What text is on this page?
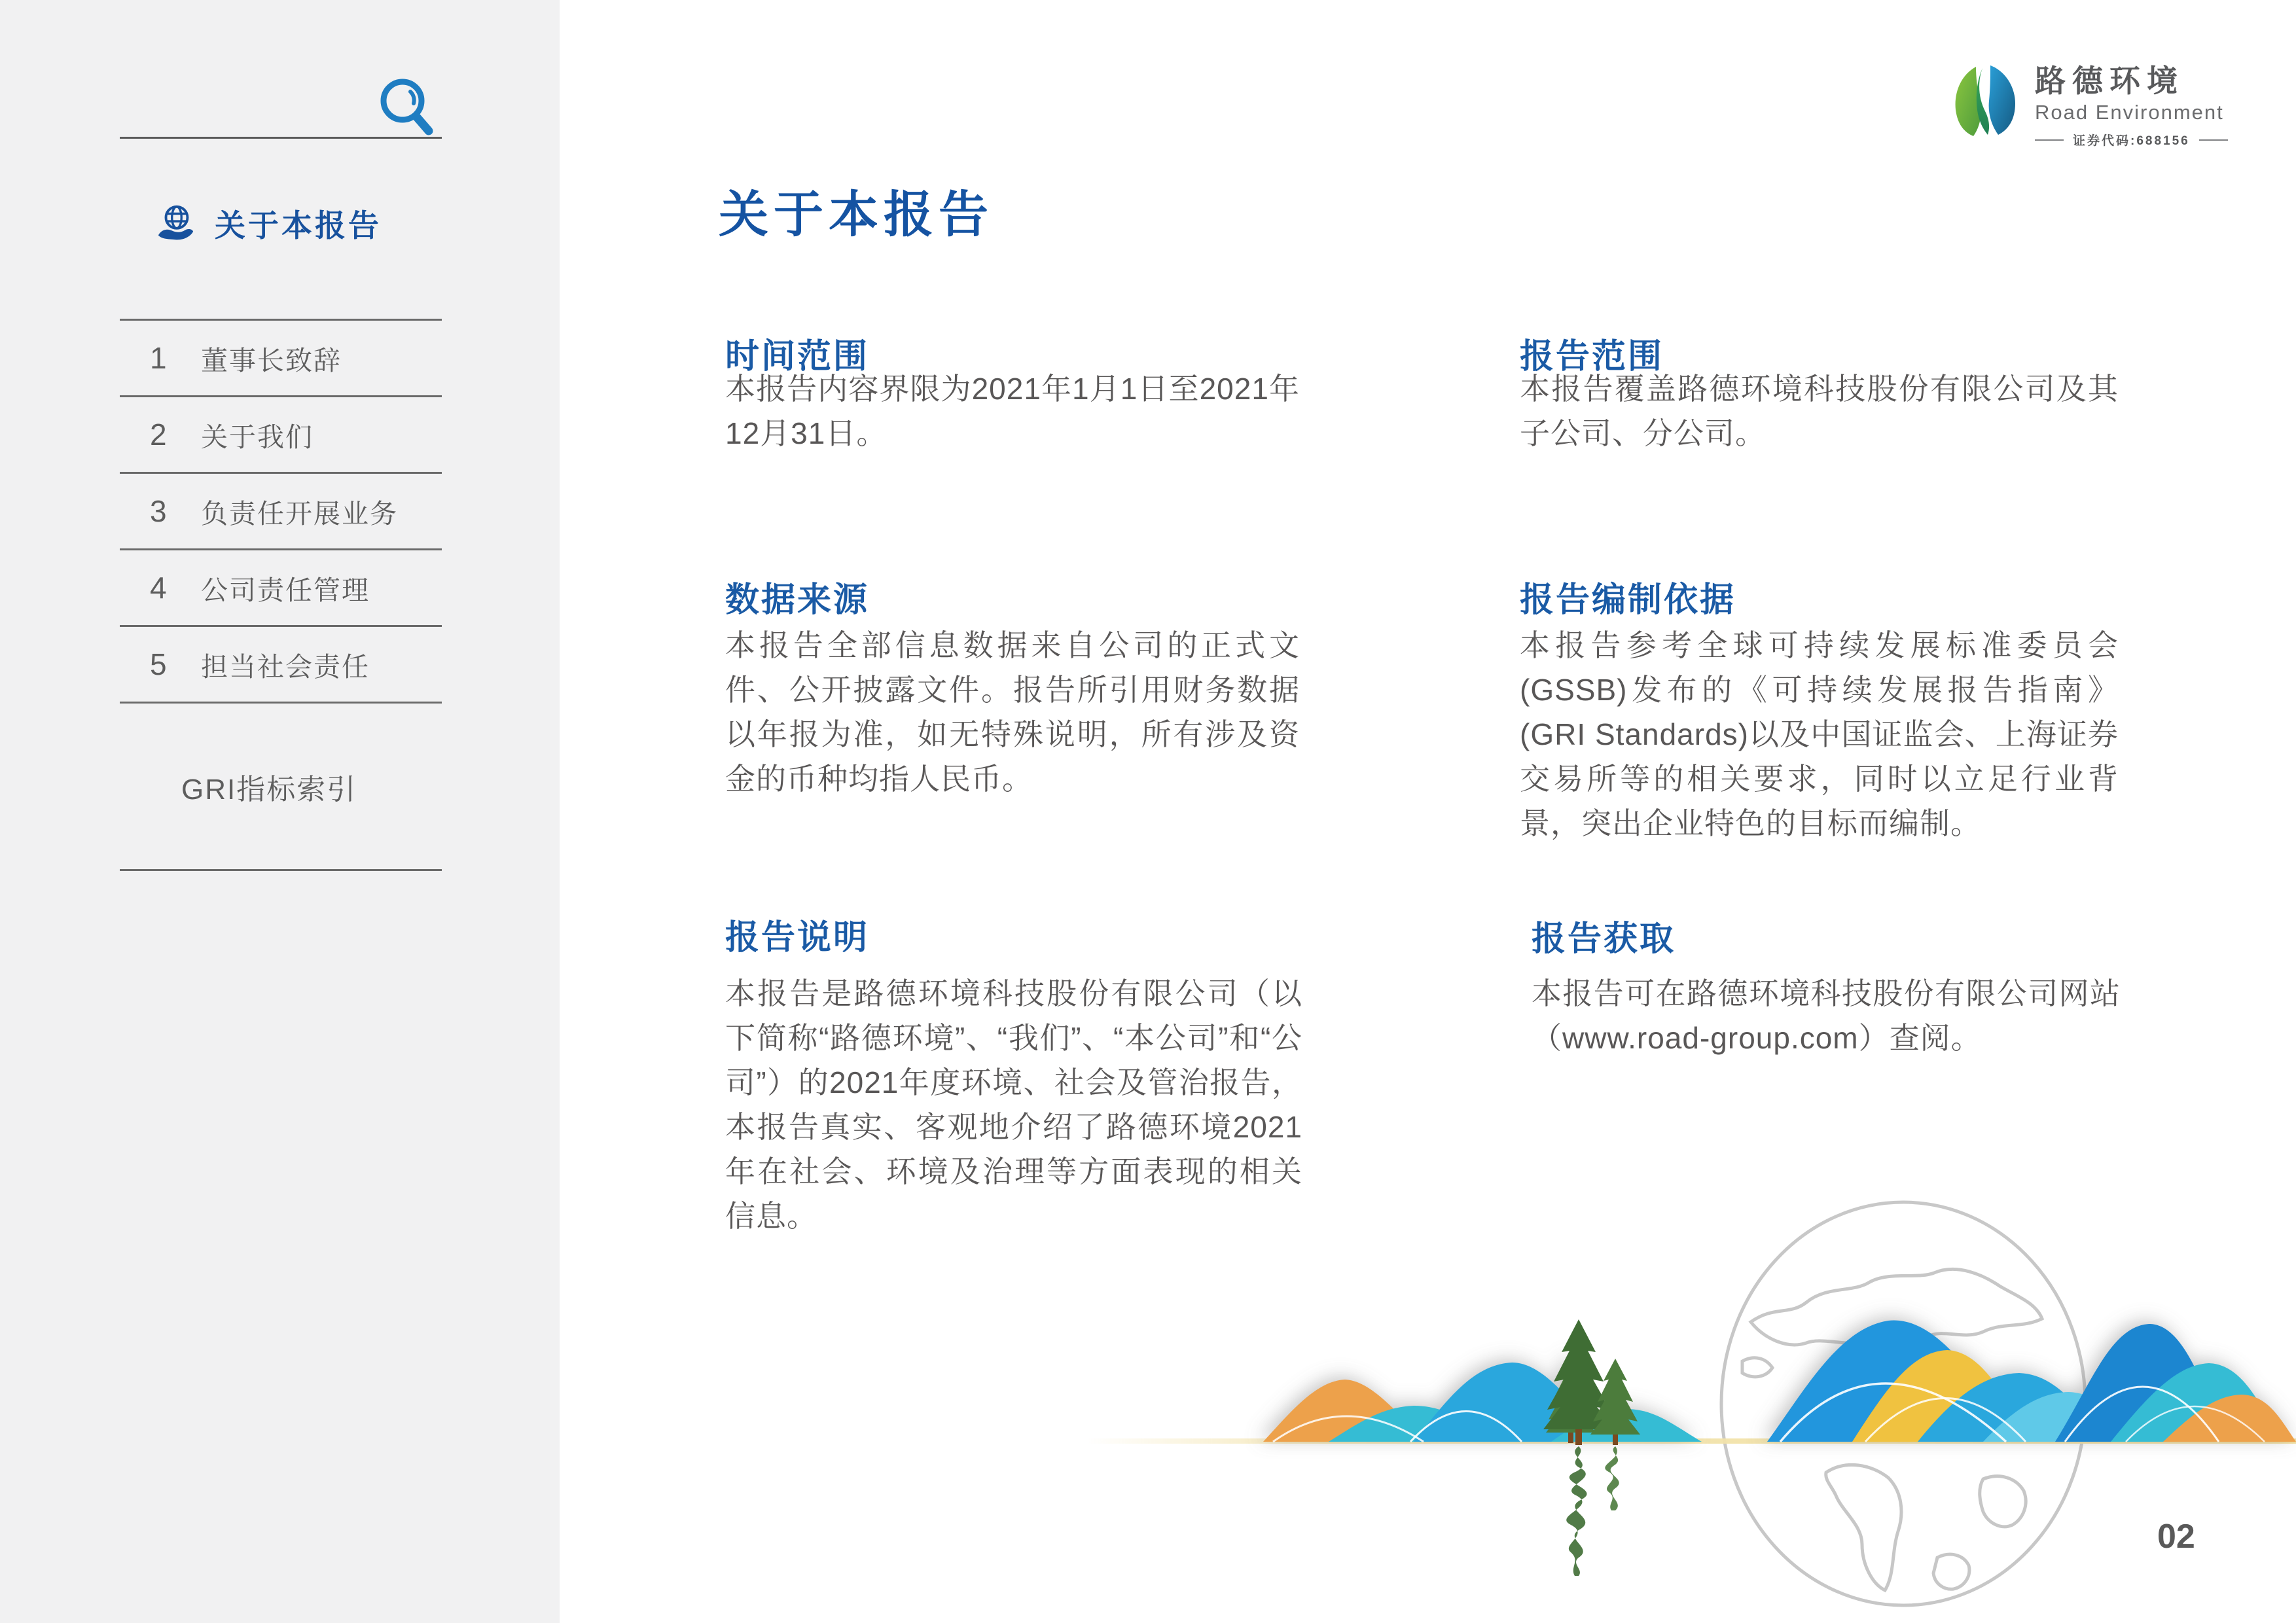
关于本报告
1 董事长致辞
2 关于我们
3 负责任开展业务
4 公司责任管理
5 担当社会责任
GRI指标索引
路德环境
Road Environment
证券代码:688156
关于本报告
时间范围

本报告内容界限为2021年1月1日至2021年12月31日。

数据来源

本报告全部信息数据来自公司的正式文件、公开披露文件。报告所引用财务数据以年报为准，如无特殊说明，所有涉及资金的币种均指人民币。

报告说明

本报告是路德环境科技股份有限公司（以下简称“路德环境”、“我们”、“本公司”和“公司”）的2021年度环境、社会及管治报告，本报告真实、客观地介绍了路德环境2021年在社会、环境及治理等方面表现的相关信息。

报告范围

本报告覆盖路德环境科技股份有限公司及其子公司、分公司。

报告编制依据

本报告参考全球可持续发展标准委员会(GSSB)发布的《可持续发展报告指南》(GRI Standards)以及中国证监会、上海证券交易所等的相关要求，同时以立足行业背景，突出企业特色的目标而编制。

报告获取

本报告可在路德环境科技股份有限公司网站（www.road-group.com）查阅。

02
